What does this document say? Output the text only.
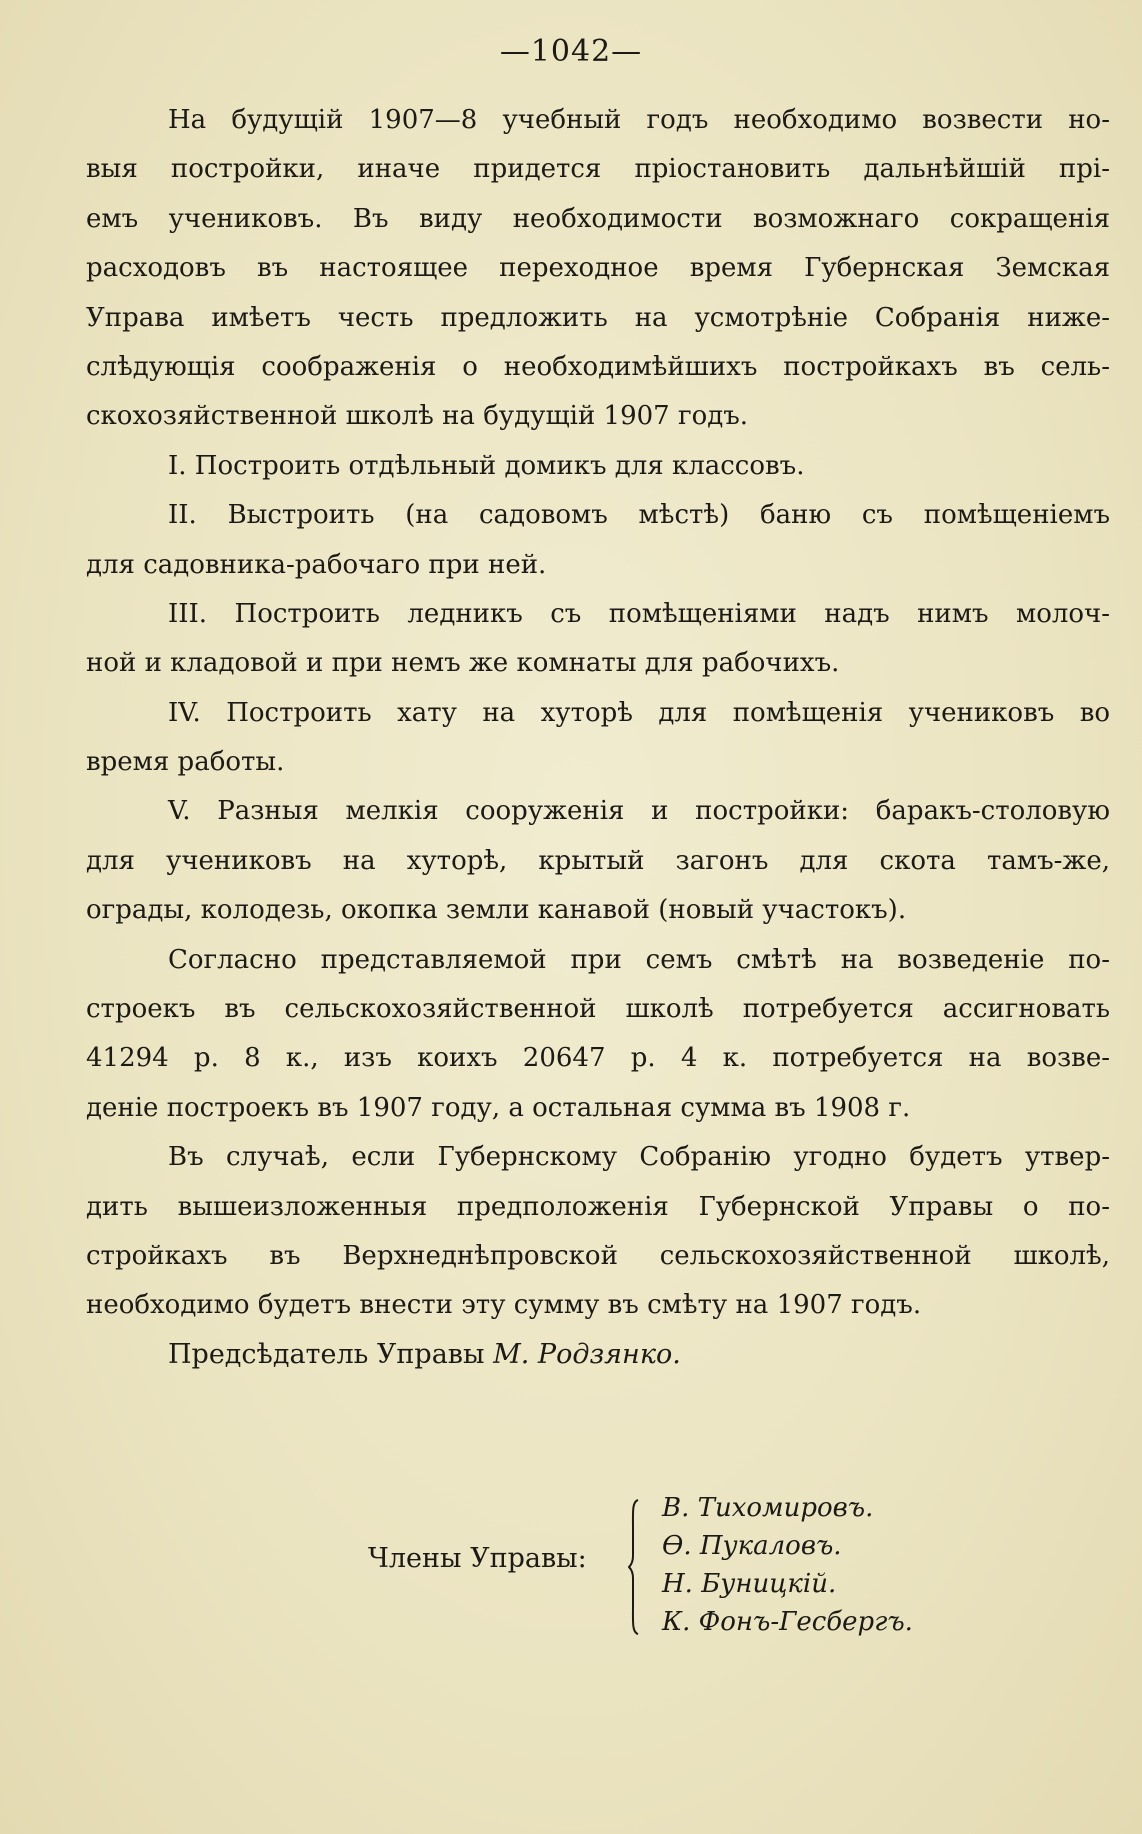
—1042—
На будущій 1907—8 учебный годъ необходимо возвести но-
выя постройки, иначе придется пріостановить дальнѣйшій прі-
емъ учениковъ. Въ виду необходимости возможнаго сокращенія
расходовъ въ настоящее переходное время Губернская Земская
Управа имѣетъ честь предложить на усмотрѣніе Собранія ниже-
слѣдующія соображенія о необходимѣйшихъ постройкахъ въ сель-
скохозяйственной школѣ на будущій 1907 годъ.
I. Построить отдѣльный домикъ для классовъ.
II. Выстроить (на садовомъ мѣстѣ) баню съ помѣщеніемъ
для садовника-рабочаго при ней.
III. Построить ледникъ съ помѣщеніями надъ нимъ молоч-
ной и кладовой и при немъ же комнаты для рабочихъ.
IV. Построить хату на хуторѣ для помѣщенія учениковъ во
время работы.
V. Разныя мелкія сооруженія и постройки: баракъ-столовую
для учениковъ на хуторѣ, крытый загонъ для скота тамъ-же,
ограды, колодезь, окопка земли канавой (новый участокъ).
Согласно представляемой при семъ смѣтѣ на возведеніе по-
строекъ въ сельскохозяйственной школѣ потребуется ассигновать
41294 р. 8 к., изъ коихъ 20647 р. 4 к. потребуется на возве-
деніе построекъ въ 1907 году, а остальная сумма въ 1908 г.
Въ случаѣ, если Губернскому Собранію угодно будетъ утвер-
дить вышеизложенныя предположенія Губернской Управы о по-
стройкахъ въ Верхнеднѣпровской сельскохозяйственной школѣ,
необходимо будетъ внести эту сумму въ смѣту на 1907 годъ.
Предсѣдатель Управы М. Родзянко.
Члены Управы:
В. Тихомировъ.
Ѳ. Пукаловъ.
Н. Буницкій.
К. Фонъ-Гесбергъ.
